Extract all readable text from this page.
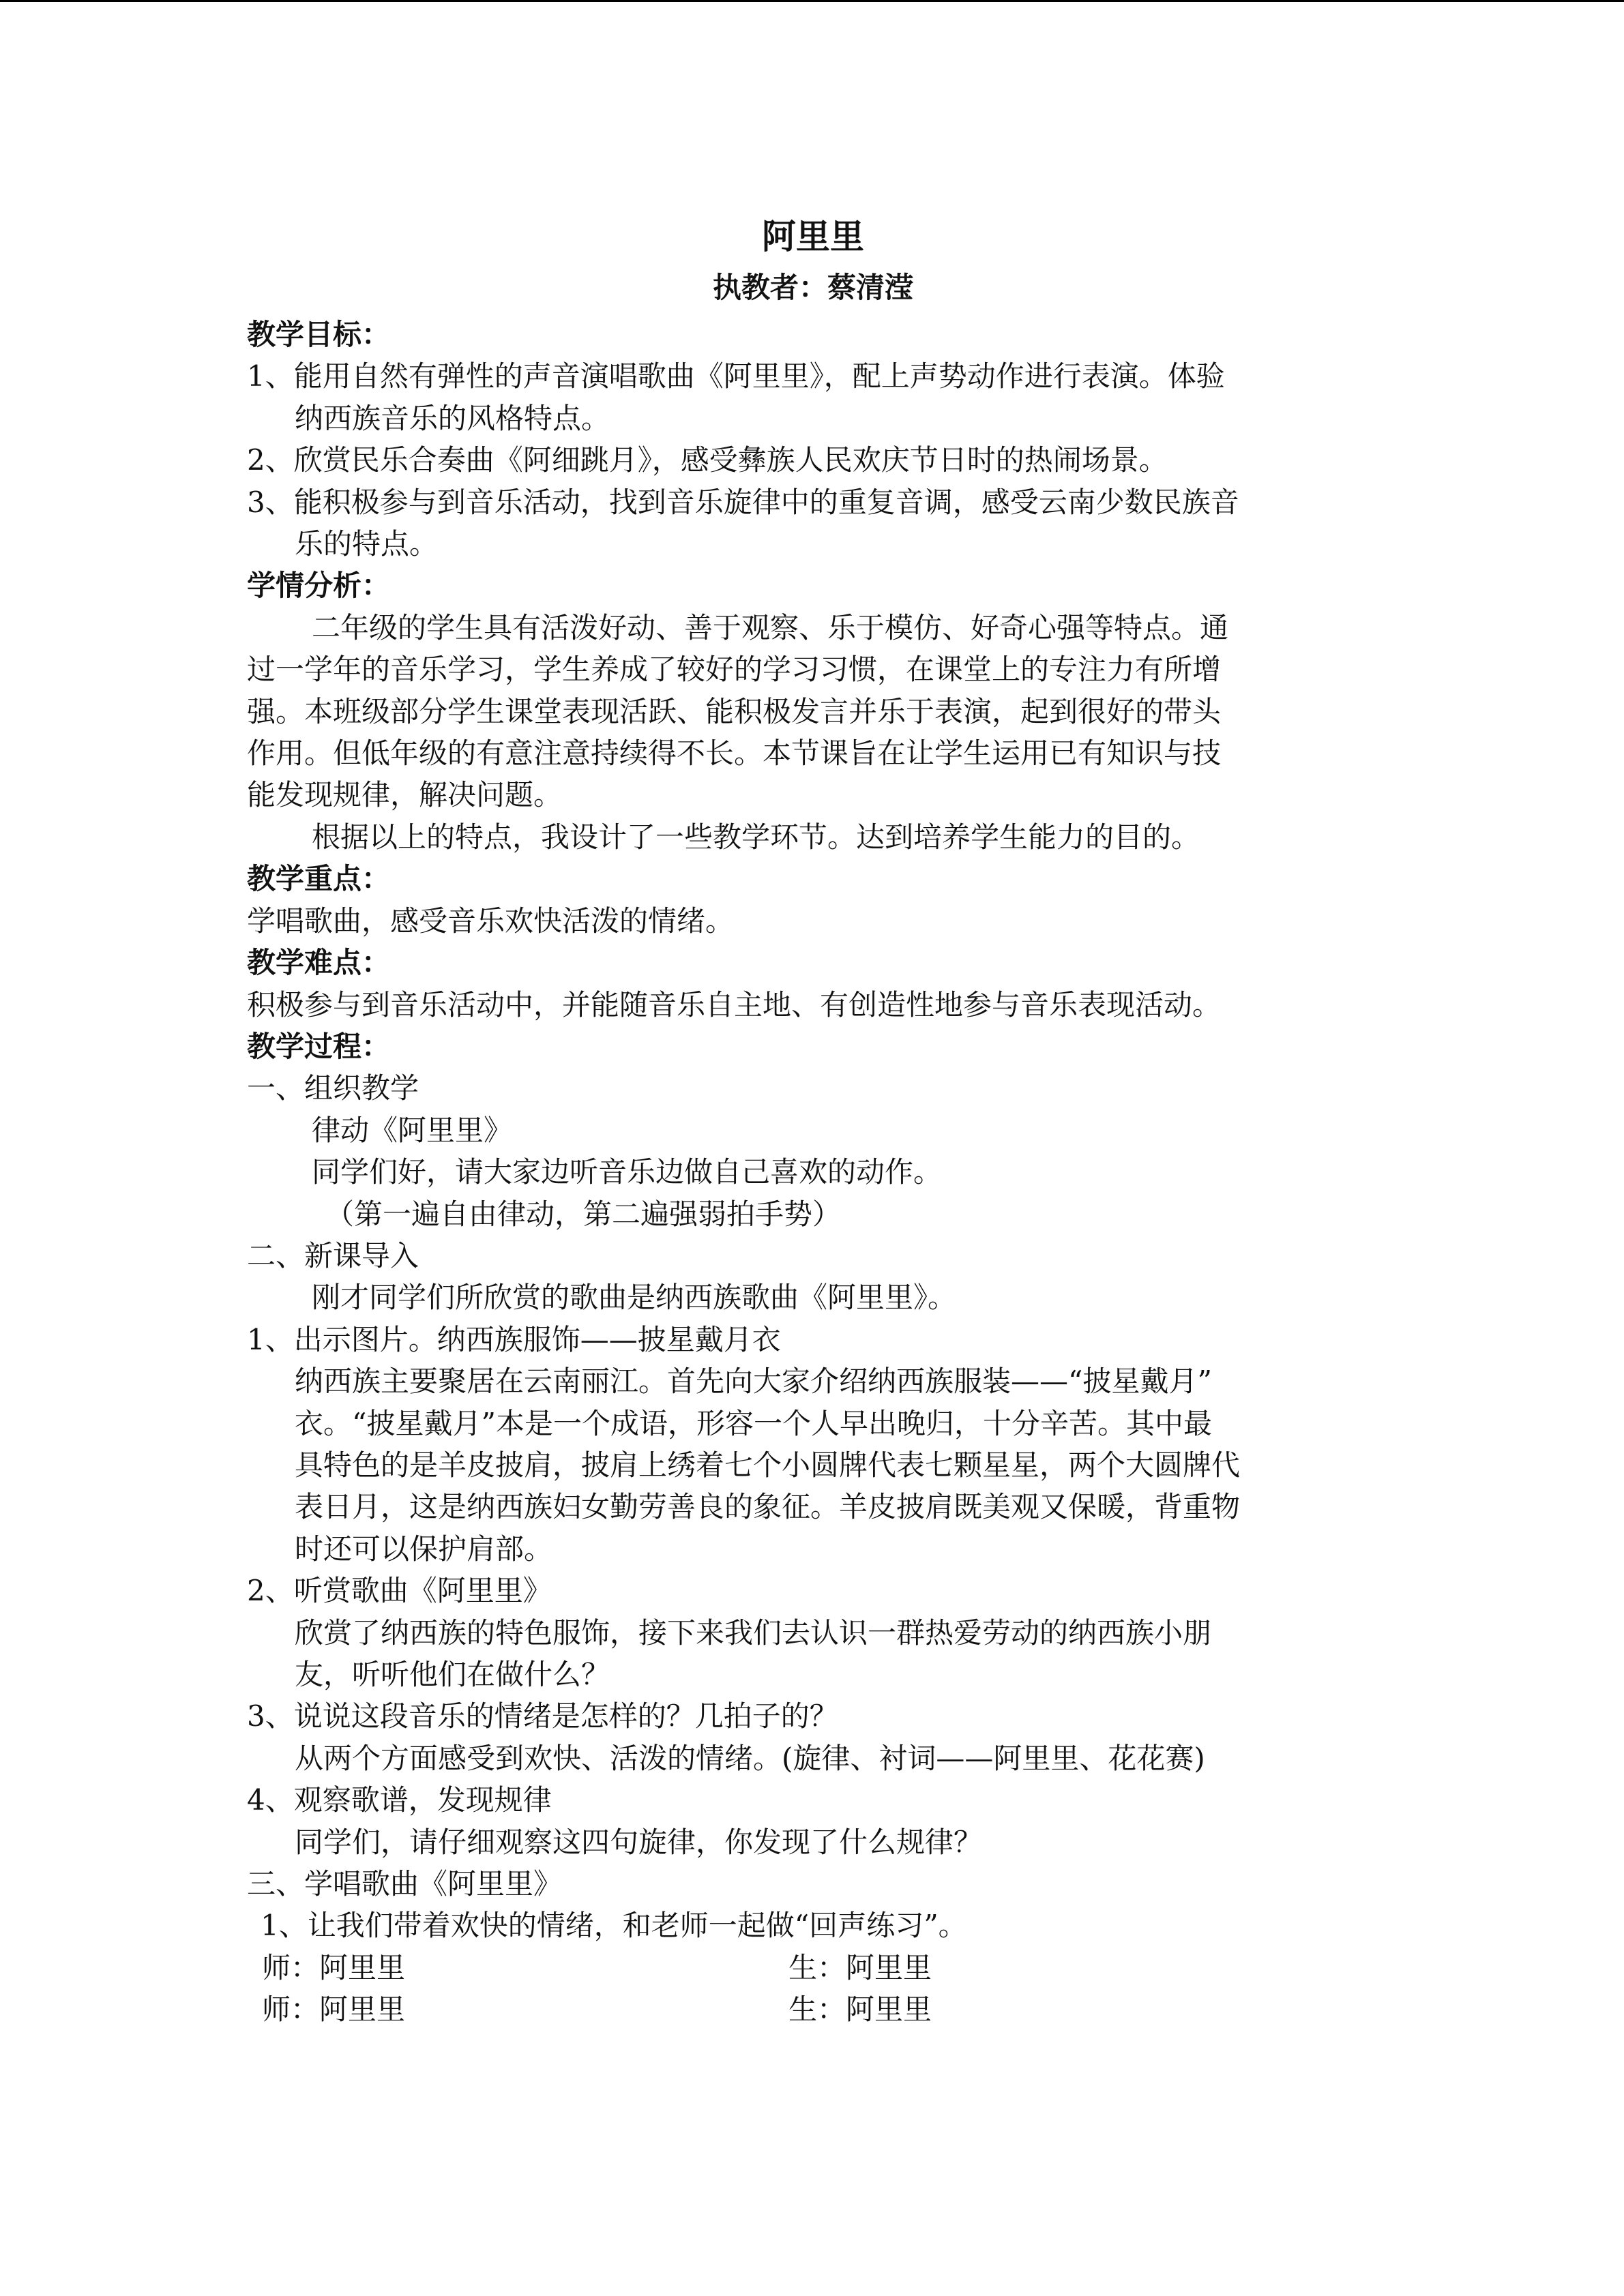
阿里里
执教者：蔡清滢
教学目标：
1、能用自然有弹性的声音演唱歌曲《阿里里》，配上声势动作进行表演。体验
纳西族音乐的风格特点。
2、欣赏民乐合奏曲《阿细跳月》，感受彝族人民欢庆节日时的热闹场景。
3、能积极参与到音乐活动，找到音乐旋律中的重复音调，感受云南少数民族音
乐的特点。
学情分析：
二年级的学生具有活泼好动、善于观察、乐于模仿、好奇心强等特点。通
过一学年的音乐学习，学生养成了较好的学习习惯，在课堂上的专注力有所增
强。本班级部分学生课堂表现活跃、能积极发言并乐于表演，起到很好的带头
作用。但低年级的有意注意持续得不长。本节课旨在让学生运用已有知识与技
能发现规律，解决问题。
根据以上的特点，我设计了一些教学环节。达到培养学生能力的目的。
教学重点：
学唱歌曲，感受音乐欢快活泼的情绪。
教学难点：
积极参与到音乐活动中，并能随音乐自主地、有创造性地参与音乐表现活动。
教学过程：
一、组织教学
律动《阿里里》
同学们好，请大家边听音乐边做自己喜欢的动作。
（第一遍自由律动，第二遍强弱拍手势）
二、新课导入
刚才同学们所欣赏的歌曲是纳西族歌曲《阿里里》。
1、出示图片。纳西族服饰——披星戴月衣
纳西族主要聚居在云南丽江。首先向大家介绍纳西族服装——“披星戴月”
衣。“披星戴月”本是一个成语，形容一个人早出晚归，十分辛苦。其中最
具特色的是羊皮披肩，披肩上绣着七个小圆牌代表七颗星星，两个大圆牌代
表日月，这是纳西族妇女勤劳善良的象征。羊皮披肩既美观又保暖，背重物
时还可以保护肩部。
2、听赏歌曲《阿里里》
欣赏了纳西族的特色服饰，接下来我们去认识一群热爱劳动的纳西族小朋
友，听听他们在做什么？
3、说说这段音乐的情绪是怎样的？几拍子的？
从两个方面感受到欢快、活泼的情绪。(旋律、衬词——阿里里、花花赛)
4、观察歌谱，发现规律
同学们，请仔细观察这四句旋律，你发现了什么规律？
三、学唱歌曲《阿里里》
1、让我们带着欢快的情绪，和老师一起做“回声练习”。
师：阿里里	生：阿里里
师：阿里里	生：阿里里
